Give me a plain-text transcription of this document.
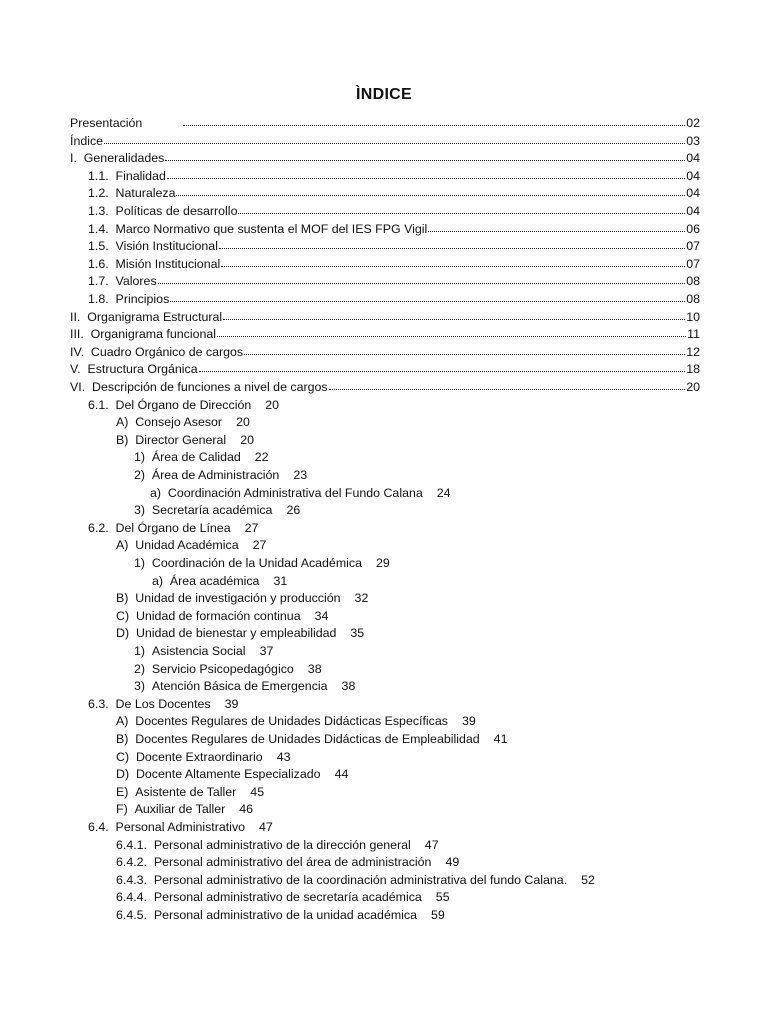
ÌNDICE
Presentación	02
Índice	03
I.  Generalidades	04
1.1.  Finalidad	04
1.2.  Naturaleza	04
1.3.  Políticas de desarrollo	04
1.4.  Marco Normativo que sustenta el MOF del IES FPG Vigil	06
1.5.  Visión Institucional	07
1.6.  Misión Institucional	07
1.7.  Valores	08
1.8.  Principios	08
II.  Organigrama Estructural	10
III.  Organigrama funcional	11
IV.  Cuadro Orgánico de cargos	12
V.  Estructura Orgánica	18
VI.  Descripción de funciones a nivel de cargos	20
6.1.  Del Órgano de Dirección 20
A)  Consejo Asesor 20
B)  Director General 20
1)  Área de Calidad 22
2)  Área de Administración 23
a)  Coordinación Administrativa del Fundo Calana 24
3)  Secretaría académica 26
6.2.  Del Órgano de Línea 27
A)  Unidad Académica 27
1)  Coordinación de la Unidad Académica 29
a)  Área académica 31
B)  Unidad de investigación y producción 32
C)  Unidad de formación continua 34
D)  Unidad de bienestar y empleabilidad 35
1)  Asistencia Social 37
2)  Servicio Psicopedagógico 38
3)  Atención Básica de Emergencia 38
6.3.  De Los Docentes 39
A)  Docentes Regulares de Unidades Didácticas Específicas 39
B)  Docentes Regulares de Unidades Didácticas de Empleabilidad 41
C)  Docente Extraordinario 43
D)  Docente Altamente Especializado 44
E)  Asistente de Taller 45
F)  Auxiliar de Taller 46
6.4.  Personal Administrativo 47
6.4.1.  Personal administrativo de la dirección general 47
6.4.2.  Personal administrativo del área de administración 49
6.4.3.  Personal administrativo de la coordinación administrativa del fundo Calana. 52
6.4.4.  Personal administrativo de secretaría académica 55
6.4.5.  Personal administrativo de la unidad académica 59
